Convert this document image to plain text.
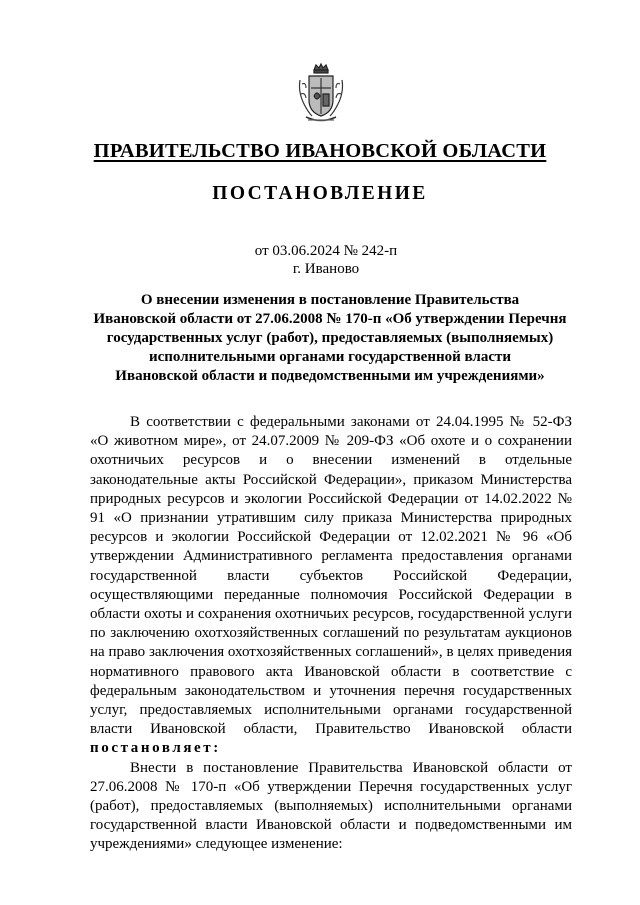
ПРАВИТЕЛЬСТВО ИВАНОВСКОЙ ОБЛАСТИ
ПОСТАНОВЛЕНИЕ
от 03.06.2024 № 242-п
г. Иваново
О внесении изменения в постановление Правительства
Ивановской области от 27.06.2008 № 170-п «Об утверждении Перечня
государственных услуг (работ), предоставляемых (выполняемых)
исполнительными органами государственной власти
Ивановской области и подведомственными им учреждениями»

В соответствии с федеральными законами от 24.04.1995 № 52-ФЗ «О животном мире», от 24.07.2009 № 209-ФЗ «Об охоте и о сохранении охотничьих ресурсов и о внесении изменений в отдельные законодательные акты Российской Федерации», приказом Министерства природных ресурсов и экологии Российской Федерации от 14.02.2022 № 91 «О признании утратившим силу приказа Министерства природных ресурсов и экологии Российской Федерации от 12.02.2021 № 96 «Об утверждении Административного регламента предоставления органами государственной власти субъектов Российской Федерации, осуществляющими переданные полномочия Российской Федерации в области охоты и сохранения охотничьих ресурсов, государственной услуги по заключению охотхозяйственных соглашений по результатам аукционов на право заключения охотхозяйственных соглашений», в целях приведения нормативного правового акта Ивановской области в соответствие с федеральным законодательством и уточнения перечня государственных услуг, предоставляемых исполнительными органами государственной власти Ивановской области, Правительство Ивановской области постановляет:

Внести в постановление Правительства Ивановской области от 27.06.2008 № 170-п «Об утверждении Перечня государственных услуг (работ), предоставляемых (выполняемых) исполнительными органами государственной власти Ивановской области и подведомственными им учреждениями» следующее изменение:
